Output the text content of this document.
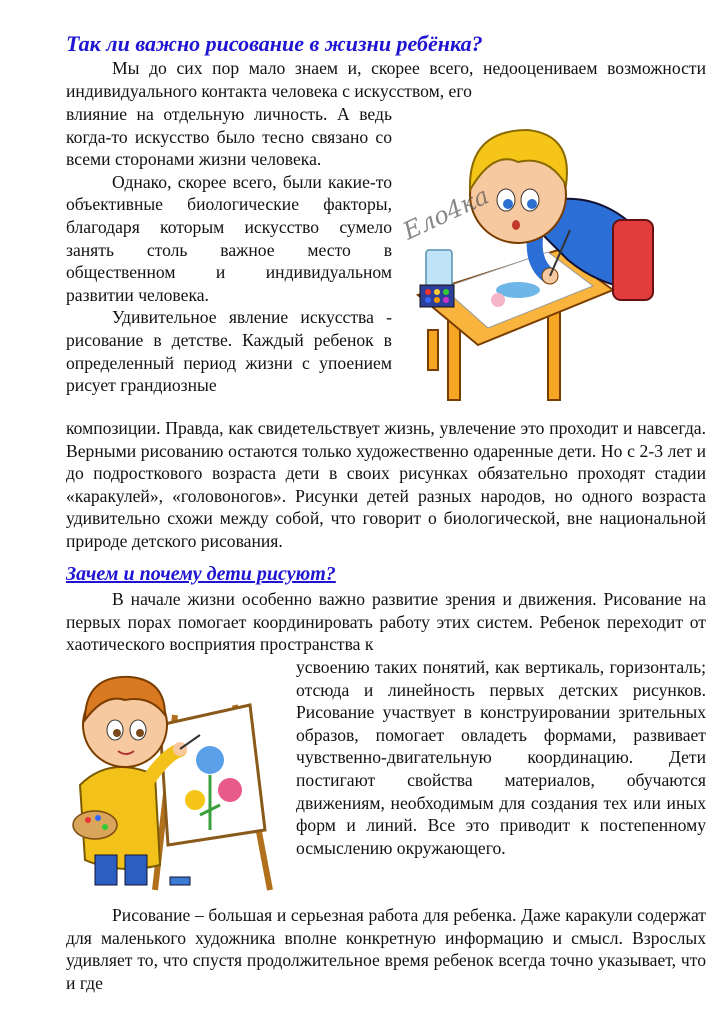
Так ли важно рисование в жизни ребёнка?

Мы до сих пор мало знаем и, скорее всего, недооцениваем возможности индивидуального контакта человека с искусством, его

влияние на отдельную личность. А ведь когда-то искусство было тесно связано со всеми сторонами жизни человека.

Однако, скорее всего, были какие-то объективные биологические факторы, благодаря которым искусство сумело занять столь важное место в общественном и индивидуальном развитии человека.

Удивительное явление искусства - рисование в детстве. Каждый ребенок в определенный период жизни с упоением рисует грандиозные

композиции. Правда, как свидетельствует жизнь, увлечение это проходит и навсегда. Верными рисованию остаются только художественно одаренные дети. Но с 2-3 лет и до подросткового возраста дети в своих рисунках обязательно проходят стадии «каракулей», «головоногов». Рисунки детей разных народов, но одного возраста удивительно схожи между собой, что говорит о биологической, вне национальной природе детского рисования.

Ело4ка
Зачем и почему дети рисуют?

В начале жизни особенно важно развитие зрения и движения. Рисование на первых порах помогает координировать работу этих систем. Ребенок переходит от хаотического восприятия пространства к

усвоению таких понятий, как вертикаль, горизонталь; отсюда и линейность первых детских рисунков. Рисование участвует в конструировании зрительных образов, помогает овладеть формами, развивает чувственно-двигательную координацию. Дети постигают свойства материалов, обучаются движениям, необходимым для создания тех или иных форм и линий. Все это приводит к постепенному осмыслению окружающего.

Рисование – большая и серьезная работа для ребенка. Даже каракули содержат для маленького художника вполне конкретную информацию и смысл. Взрослых удивляет то, что спустя продолжительное время ребенок всегда точно указывает, что и где
